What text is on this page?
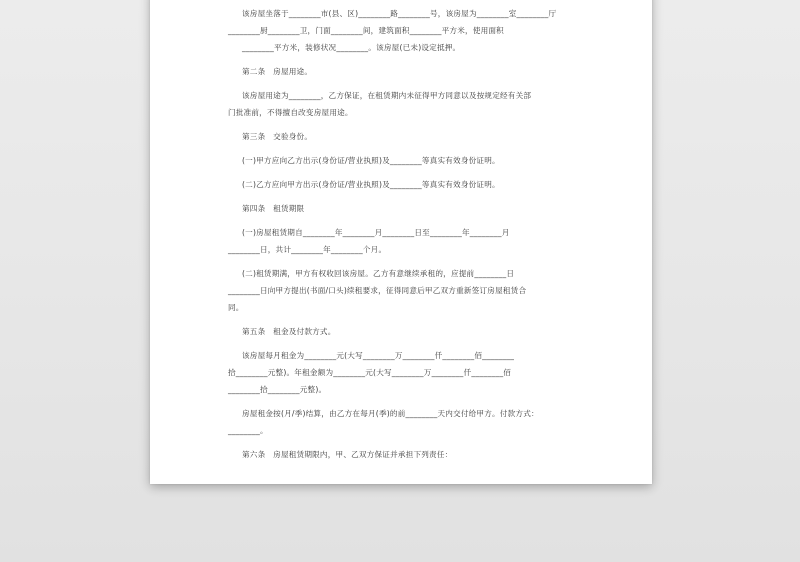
该房屋坐落于________市(县、区)________路________号，该房屋为________室________厅

________厨________卫，门面________间，建筑面积________平方米，使用面积

________平方米，装修状况________。该房屋(已未)设定抵押。

第二条　房屋用途。

该房屋用途为________，乙方保证，在租赁期内未征得甲方同意以及按规定经有关部

门批准前，不得擅自改变房屋用途。

第三条　交验身份。

(一)甲方应向乙方出示(身份证/营业执照)及________等真实有效身份证明。

(二)乙方应向甲方出示(身份证/营业执照)及________等真实有效身份证明。

第四条　租赁期限

(一)房屋租赁期自________年________月________日至________年________月

________日，共计________年________个月。

(二)租赁期满，甲方有权收回该房屋。乙方有意继续承租的，应提前________日

________日向甲方提出(书面/口头)续租要求，征得同意后甲乙双方重新签订房屋租赁合

同。

第五条　租金及付款方式。

该房屋每月租金为________元(大写________万________仟________佰________

拾________元整)。年租金额为________元(大写________万________仟________佰

________拾________元整)。

房屋租金按(月/季)结算，由乙方在每月(季)的前________天内交付给甲方。付款方式：

________。

第六条　房屋租赁期限内，甲、乙双方保证并承担下列责任：
